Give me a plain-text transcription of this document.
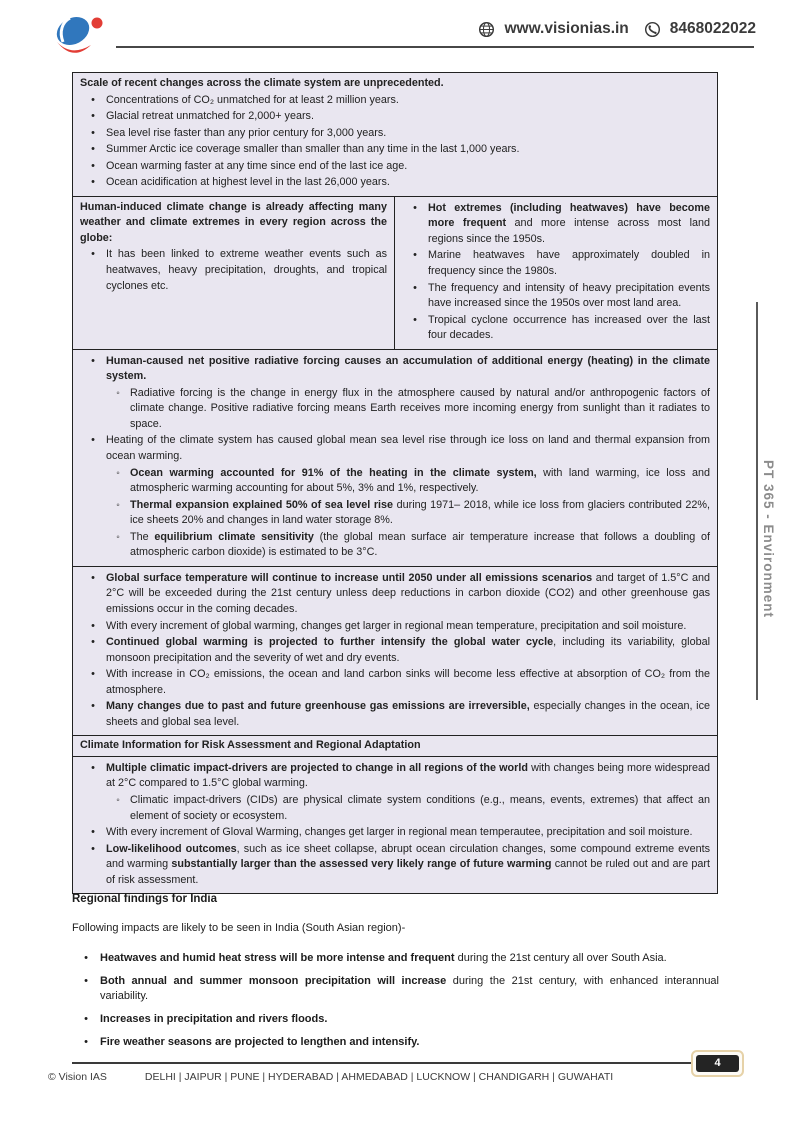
www.visionias.in	8468022022
Scale of recent changes across the climate system are unprecedented.
•	Concentrations of CO₂ unmatched for at least 2 million years.
•	Glacial retreat unmatched for 2,000+ years.
•	Sea level rise faster than any prior century for 3,000 years.
•	Summer Arctic ice coverage smaller than smaller than any time in the last 1,000 years.
•	Ocean warming faster at any time since end of the last ice age.
•	Ocean acidification at highest level in the last 26,000 years.
Human-induced climate change is already affecting many weather and climate extremes in every region across the globe:
•	It has been linked to extreme weather events such as heatwaves, heavy precipitation, droughts, and tropical cyclones etc.
•	Hot extremes (including heatwaves) have become more frequent and more intense across most land regions since the 1950s.
•	Marine heatwaves have approximately doubled in frequency since the 1980s.
•	The frequency and intensity of heavy precipitation events have increased since the 1950s over most land area.
•	Tropical cyclone occurrence has increased over the last four decades.
•	Human-caused net positive radiative forcing causes an accumulation of additional energy (heating) in the climate system.
◦ Radiative forcing is the change in energy flux in the atmosphere caused by natural and/or anthropogenic factors of climate change. Positive radiative forcing means Earth receives more incoming energy from sunlight than it radiates to space.
•	Heating of the climate system has caused global mean sea level rise through ice loss on land and thermal expansion from ocean warming.
◦ Ocean warming accounted for 91% of the heating in the climate system, with land warming, ice loss and atmospheric warming accounting for about 5%, 3% and 1%, respectively.
◦ Thermal expansion explained 50% of sea level rise during 1971– 2018, while ice loss from glaciers contributed 22%, ice sheets 20% and changes in land water storage 8%.
◦ The equilibrium climate sensitivity (the global mean surface air temperature increase that follows a doubling of atmospheric carbon dioxide) is estimated to be 3°C.
•	Global surface temperature will continue to increase until 2050 under all emissions scenarios and target of 1.5°C and 2°C will be exceeded during the 21st century unless deep reductions in carbon dioxide (CO2) and other greenhouse gas emissions occur in the coming decades.
•	With every increment of global warming, changes get larger in regional mean temperature, precipitation and soil moisture.
•	Continued global warming is projected to further intensify the global water cycle, including its variability, global monsoon precipitation and the severity of wet and dry events.
•	With increase in CO₂ emissions, the ocean and land carbon sinks will become less effective at absorption of CO₂ from the atmosphere.
•	Many changes due to past and future greenhouse gas emissions are irreversible, especially changes in the ocean, ice sheets and global sea level.
Climate Information for Risk Assessment and Regional Adaptation
•	Multiple climatic impact-drivers are projected to change in all regions of the world with changes being more widespread at 2°C compared to 1.5°C global warming.
◦ Climatic impact-drivers (CIDs) are physical climate system conditions (e.g., means, events, extremes) that affect an element of society or ecosystem.
•	With every increment of Gloval Warming, changes get larger in regional mean temperautee, precipitation and soil moisture.
•	Low-likelihood outcomes, such as ice sheet collapse, abrupt ocean circulation changes, some compound extreme events and warming substantially larger than the assessed very likely range of future warming cannot be ruled out and are part of risk assessment.
Regional findings for India
Following impacts are likely to be seen in India (South Asian region)-
•	Heatwaves and humid heat stress will be more intense and frequent during the 21st century all over South Asia.
•	Both annual and summer monsoon precipitation will increase during the 21st century, with enhanced interannual variability.
•	Increases in precipitation and rivers floods.
•	Fire weather seasons are projected to lengthen and intensify.
PT 365 - Environment
4
© Vision IAS	DELHI | JAIPUR | PUNE | HYDERABAD | AHMEDABAD | LUCKNOW | CHANDIGARH | GUWAHATI
